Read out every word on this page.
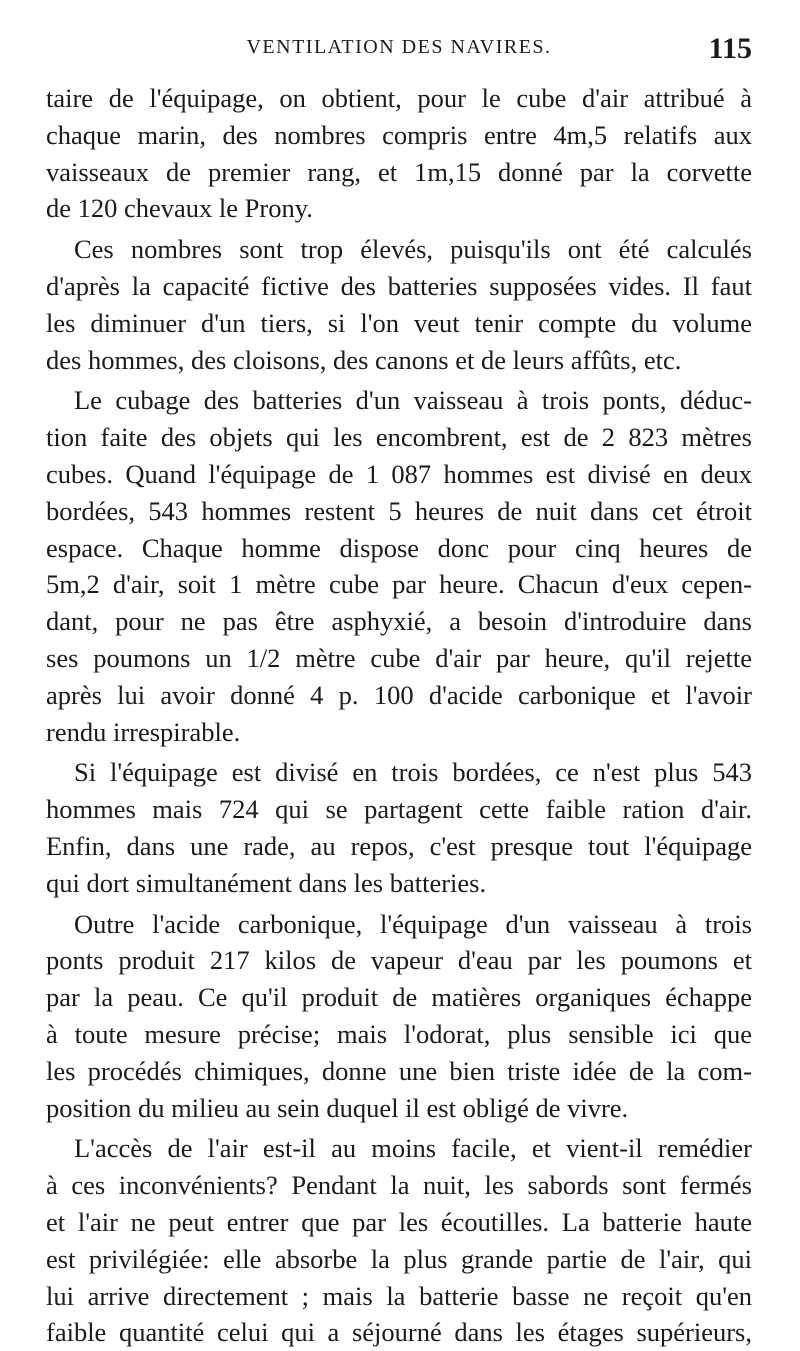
VENTILATION DES NAVIRES.	115
taire de l'équipage, on obtient, pour le cube d'air attribué à
chaque marin, des nombres compris entre 4m,5 relatifs aux
vaisseaux de premier rang, et 1m,15 donné par la corvette
de 120 chevaux le Prony.
Ces nombres sont trop élevés, puisqu'ils ont été calculés
d'après la capacité fictive des batteries supposées vides. Il faut
les diminuer d'un tiers, si l'on veut tenir compte du volume
des hommes, des cloisons, des canons et de leurs affûts, etc.
Le cubage des batteries d'un vaisseau à trois ponts, déduc-
tion faite des objets qui les encombrent, est de 2 823 mètres
cubes. Quand l'équipage de 1 087 hommes est divisé en deux
bordées, 543 hommes restent 5 heures de nuit dans cet étroit
espace. Chaque homme dispose donc pour cinq heures de
5m,2 d'air, soit 1 mètre cube par heure. Chacun d'eux cepen-
dant, pour ne pas être asphyxié, a besoin d'introduire dans
ses poumons un 1/2 mètre cube d'air par heure, qu'il rejette
après lui avoir donné 4 p. 100 d'acide carbonique et l'avoir
rendu irrespirable.
Si l'équipage est divisé en trois bordées, ce n'est plus 543
hommes mais 724 qui se partagent cette faible ration d'air.
Enfin, dans une rade, au repos, c'est presque tout l'équipage
qui dort simultanément dans les batteries.
Outre l'acide carbonique, l'équipage d'un vaisseau à trois
ponts produit 217 kilos de vapeur d'eau par les poumons et
par la peau. Ce qu'il produit de matières organiques échappe
à toute mesure précise; mais l'odorat, plus sensible ici que
les procédés chimiques, donne une bien triste idée de la com-
position du milieu au sein duquel il est obligé de vivre.
L'accès de l'air est-il au moins facile, et vient-il remédier
à ces inconvénients? Pendant la nuit, les sabords sont fermés
et l'air ne peut entrer que par les écoutilles. La batterie haute
est privilégiée: elle absorbe la plus grande partie de l'air, qui
lui arrive directement ; mais la batterie basse ne reçoit qu'en
faible quantité celui qui a séjourné dans les étages supérieurs,
